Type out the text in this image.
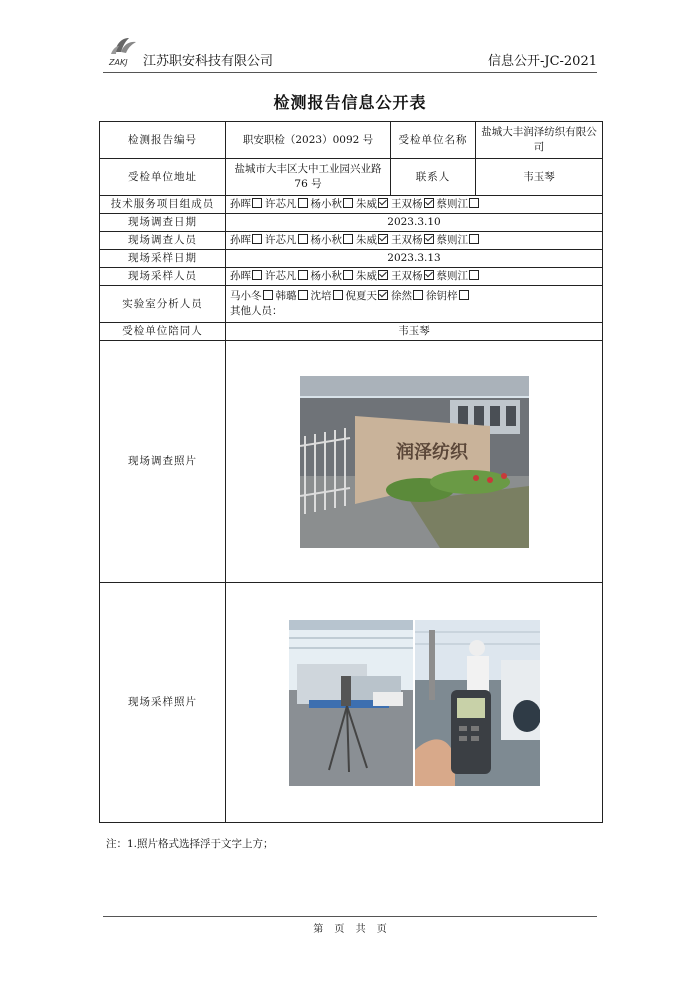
ZAKJ 江苏职安科技有限公司	信息公开-JC-2021
检测报告信息公开表
检测报告编号	职安职检（2023）0092 号	受检单位名称	盐城大丰润泽纺织有限公司
受检单位地址	盐城市大丰区大中工业园兴业路76 号	联系人	韦玉琴
技术服务项目组成员	孙晖 许芯凡 杨小秋 朱威 王双杨 蔡则江		
现场调查日期	2023.3.10		
现场调查人员	孙晖 许芯凡 杨小秋 朱威 王双杨 蔡则江		
现场采样日期	2023.3.13		
现场采样人员	孙晖 许芯凡 杨小秋 朱威 王双杨 蔡则江		
实验室分析人员	马小冬 韩璐 沈培 倪夏天 徐然 徐钥梓
其他人员：		

受检单位陪同人	韦玉琴		
现场调查照片	润泽纺织		

现场采样照片	
注：1.照片格式选择浮于文字上方；
第 页 共 页
